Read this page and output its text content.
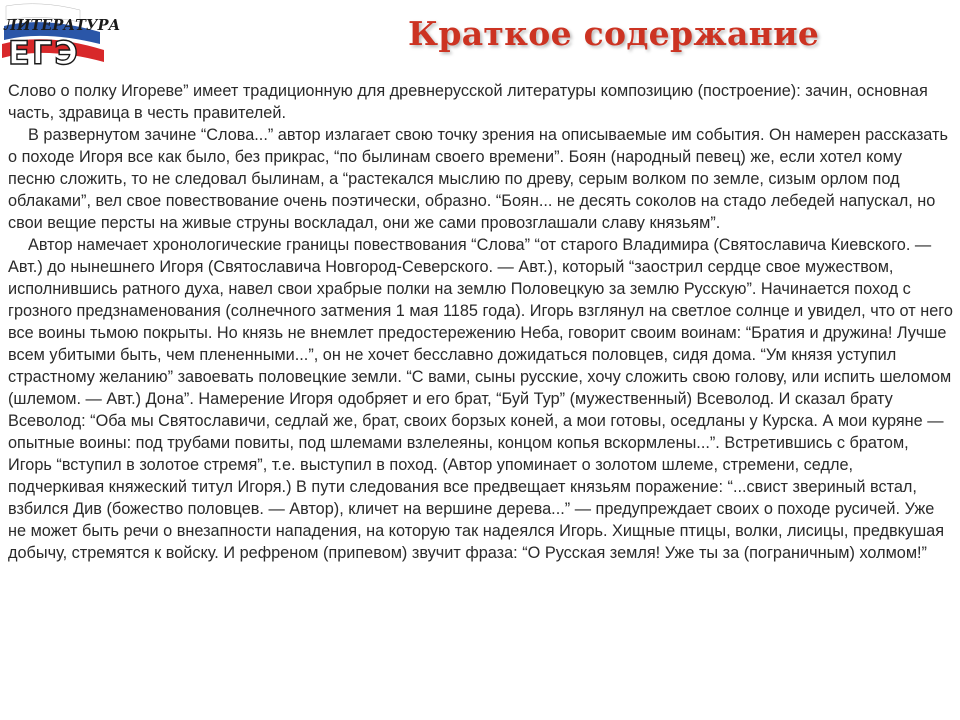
ЛИТЕРАТУРА
ЕГЭ	Краткое содержание

Слово о полку Игореве” имеет традиционную для древнерусской литературы композицию (построение): зачин, основная часть, здравица в честь правителей.

В развернутом зачине “Слова...” автор излагает свою точку зрения на описываемые им события. Он намерен рассказать о походе Игоря все как было, без прикрас, “по былинам своего времени”. Боян (народный певец) же, если хотел кому песню сложить, то не следовал былинам, а “растекался мыслию по древу, серым волком по земле, сизым орлом под облаками”, вел свое повествование очень поэтически, образно. “Боян... не десять соколов на стадо лебедей напускал, но свои вещие персты на живые струны воскладал, они же сами провозглашали славу князьям”.

Автор намечает хронологические границы повествования “Слова” “от старого Владимира (Святославича Киевского. — Авт.) до нынешнего Игоря (Святославича Новгород-Северского. — Авт.), который “заострил сердце свое мужеством, исполнившись ратного духа, навел свои храбрые полки на землю Половецкую за землю Русскую”. Начинается поход с грозного предзнаменования (солнечного затмения 1 мая 1185 года). Игорь взглянул на светлое солнце и увидел, что от него все воины тьмою покрыты. Но князь не внемлет предостережению Неба, говорит своим воинам: “Братия и дружина! Лучше всем убитыми быть, чем плененными...”, он не хочет бесславно дожидаться половцев, сидя дома. “Ум князя уступил страстному желанию” завоевать половецкие земли. “С вами, сыны русские, хочу сложить свою голову, или испить шеломом (шлемом. — Авт.) Дона”. Намерение Игоря одобряет и его брат, “Буй Тур” (мужественный) Всеволод. И сказал брату Всеволод: “Оба мы Святославичи, седлай же, брат, своих борзых коней, а мои готовы, оседланы у Курска. А мои куряне — опытные воины: под трубами повиты, под шлемами взлелеяны, концом копья вскормлены...”. Встретившись с братом, Игорь “вступил в золотое стремя”, т.е. выступил в поход. (Автор упоминает о золотом шлеме, стремени, седле, подчеркивая княжеский титул Игоря.) В пути следования все предвещает князьям поражение: “...свист звериный встал, взбился Див (божество половцев. — Автор), кличет на вершине дерева...” — предупреждает своих о походе русичей. Уже не может быть речи о внезапности нападения, на которую так надеялся Игорь. Хищные птицы, волки, лисицы, предвкушая добычу, стремятся к войску. И рефреном (припевом) звучит фраза: “О Русская земля! Уже ты за (пограничным) холмом!”
